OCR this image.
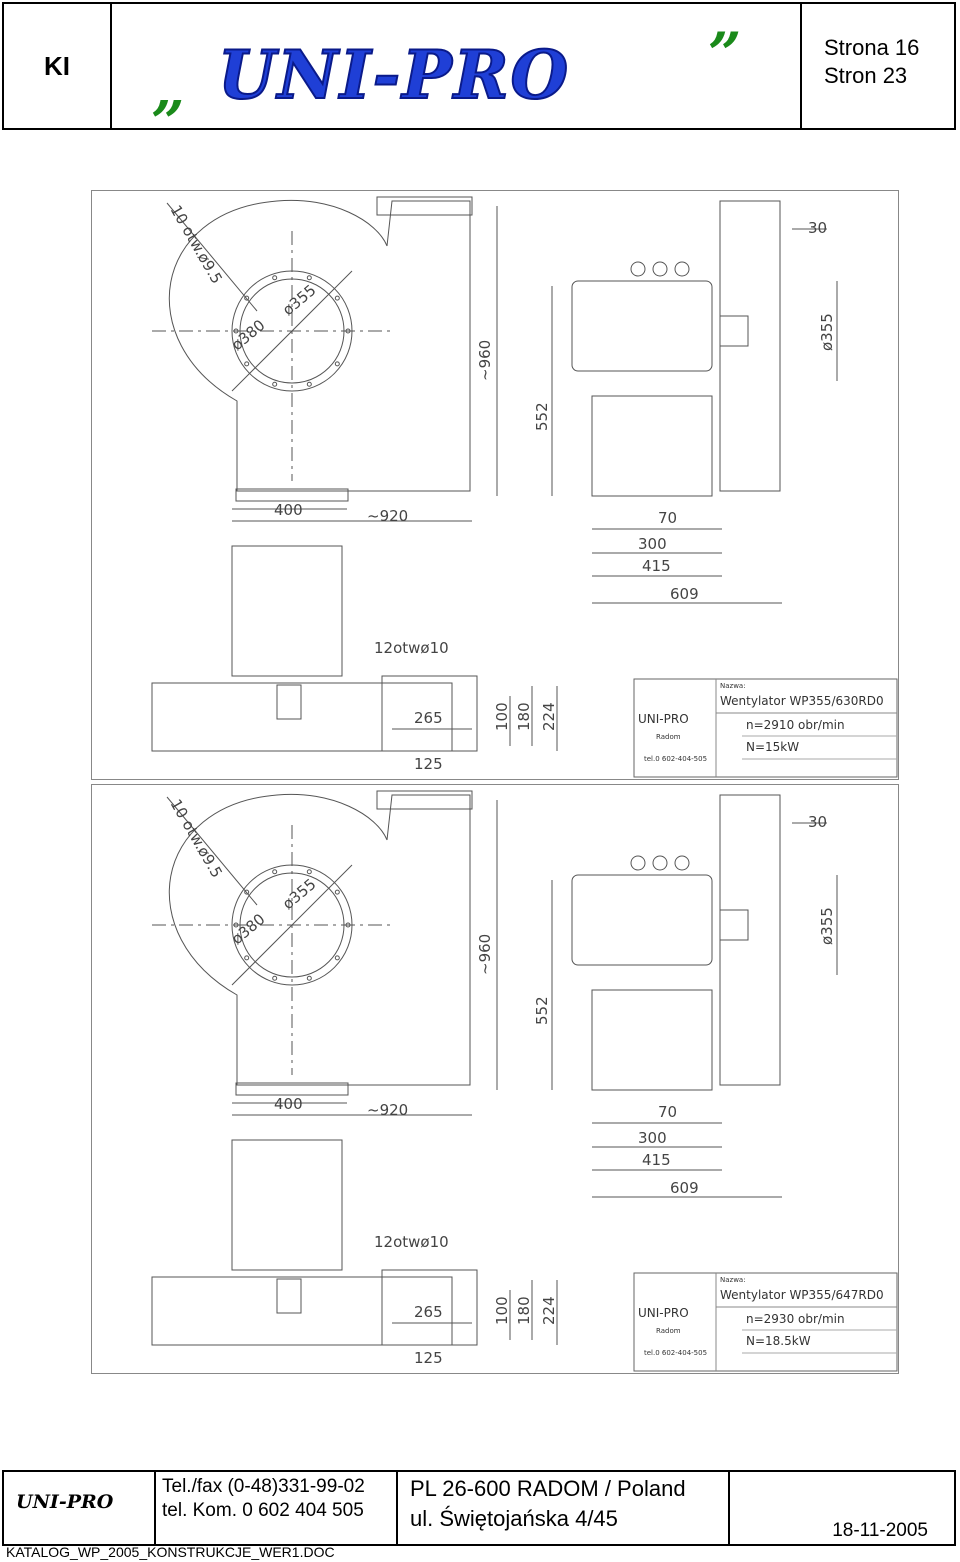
KI	„ UNI-PRO ”	Strona 16
Stron 23
Nazwa:
Wentylator WP355/630RD0
UNI-PRO
Radom
tel.0 602-404-505
n=2910 obr/min
N=15kW
10 otw.ø9.5
ø380
ø355
~960
552
400	~920
30
ø355
70
300
415
609
12otwø10
265
125
100 180 224
Nazwa:
Wentylator WP355/647RD0
UNI-PRO
Radom
tel.0 602-404-505
n=2930 obr/min
N=18.5kW
10 otw.ø9.5
ø380
ø355
~960
552
400	~920
30
ø355
70
300
415
609
12otwø10
265
125
100 180 224
UNI-PRO
Tel./fax (0-48)331-99-02
tel. Kom. 0 602 404 505
PL 26-600 RADOM / Poland
ul. Świętojańska 4/45	18-11-2005
KATALOG_WP_2005_KONSTRUKCJE_WER1.DOC
